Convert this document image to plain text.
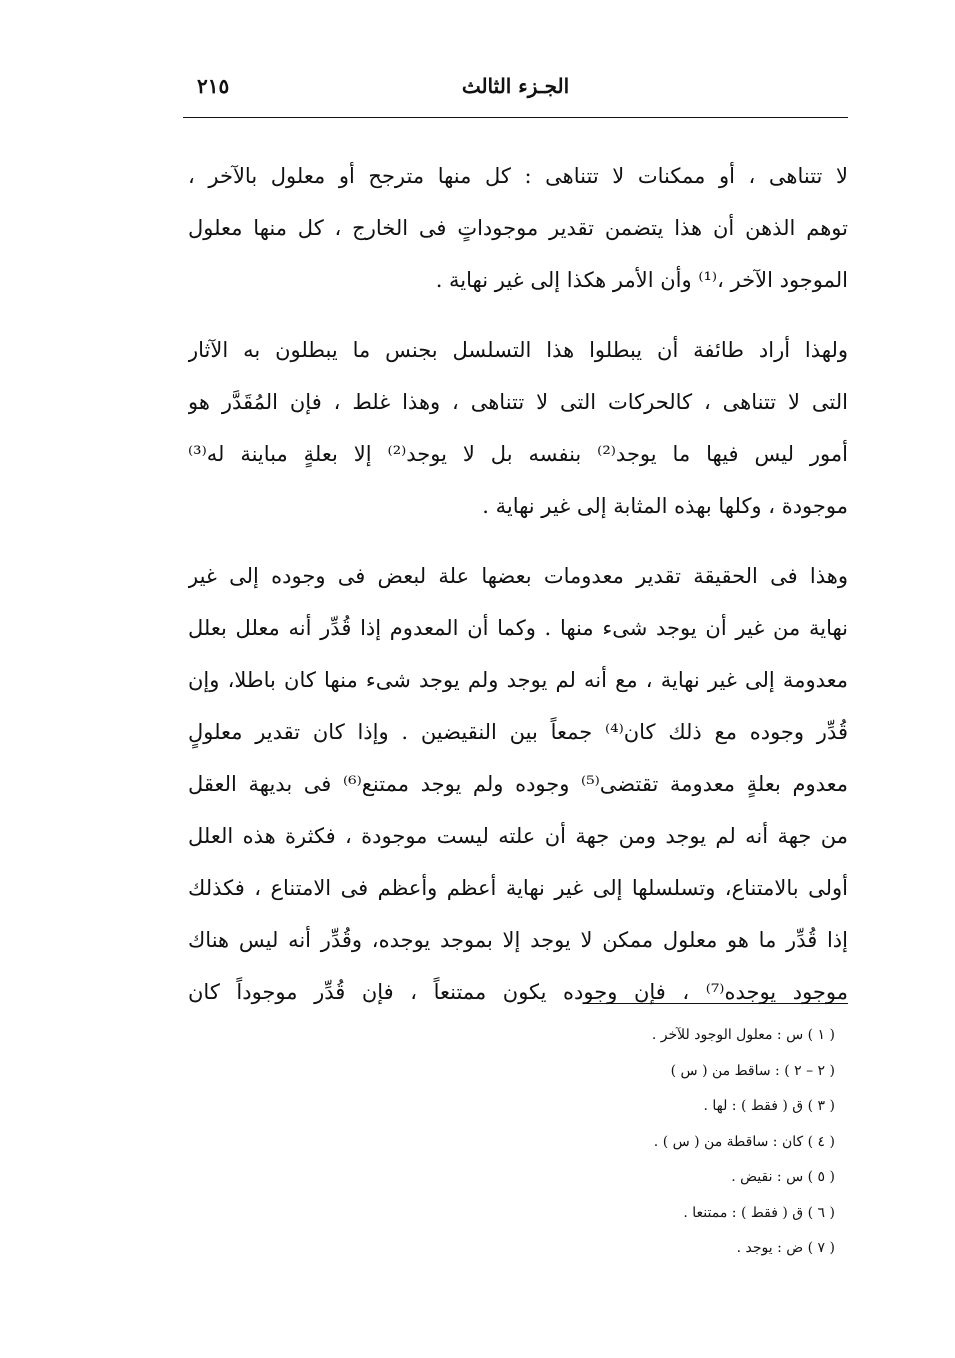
الجـزء الثالث
٢١٥
لا تتناهى ، أو ممكنات لا تتناهى : كل منها مترجح أو معلول بالآخر ،
توهم الذهن أن هذا يتضمن تقدير موجوداتٍ فى الخارج ، كل منها معلول
الموجود الآخر ،⁽¹⁾ وأن الأمر هكذا إلى غير نهاية .
ولهذا أراد طائفة أن يبطلوا هذا التسلسل بجنس ما يبطلون به الآثار
التى لا تتناهى ، كالحركات التى لا تتناهى ، وهذا غلط ، فإن المُقَدَّر هو
أمور ليس فيها ما يوجد⁽²⁾ بنفسه بل لا يوجد⁽²⁾ إلا بعلةٍ مباينة له⁽³⁾
موجودة ، وكلها بهذه المثابة إلى غير نهاية .
وهذا فى الحقيقة تقدير معدومات بعضها علة لبعض فى وجوده إلى غير
نهاية من غير أن يوجد شىء منها . وكما أن المعدوم إذا قُدِّر أنه معلل بعلل
معدومة إلى غير نهاية ، مع أنه لم يوجد ولم يوجد شىء منها كان باطلا، وإن
قُدِّر وجوده مع ذلك كان⁽⁴⁾ جمعاً بين النقيضين . وإذا كان تقدير معلولٍ
معدوم بعلةٍ معدومة تقتضى⁽⁵⁾ وجوده ولم يوجد ممتنع⁽⁶⁾ فى بديهة العقل
من جهة أنه لم يوجد ومن جهة أن علته ليست موجودة ، فكثرة هذه العلل
أولى بالامتناع، وتسلسلها إلى غير نهاية أعظم وأعظم فى الامتناع ، فكذلك
إذا قُدِّر ما هو معلول ممكن لا يوجد إلا بموجد يوجده، وقُدِّر أنه ليس هناك
موجود يوجده⁽⁷⁾ ، فإن وجوده يكون ممتنعاً ، فإن قُدِّر موجوداً كان
( ١ ) س : معلول الوجود للآخر .
( ٢ – ٢ ) : ساقط من ( س )
( ٣ ) ق ( فقط ) : لها .
( ٤ ) كان : ساقطة من ( س ) .
( ٥ ) س : نقيض .
( ٦ ) ق ( فقط ) : ممتنعا .
( ٧ ) ض : يوجد .
